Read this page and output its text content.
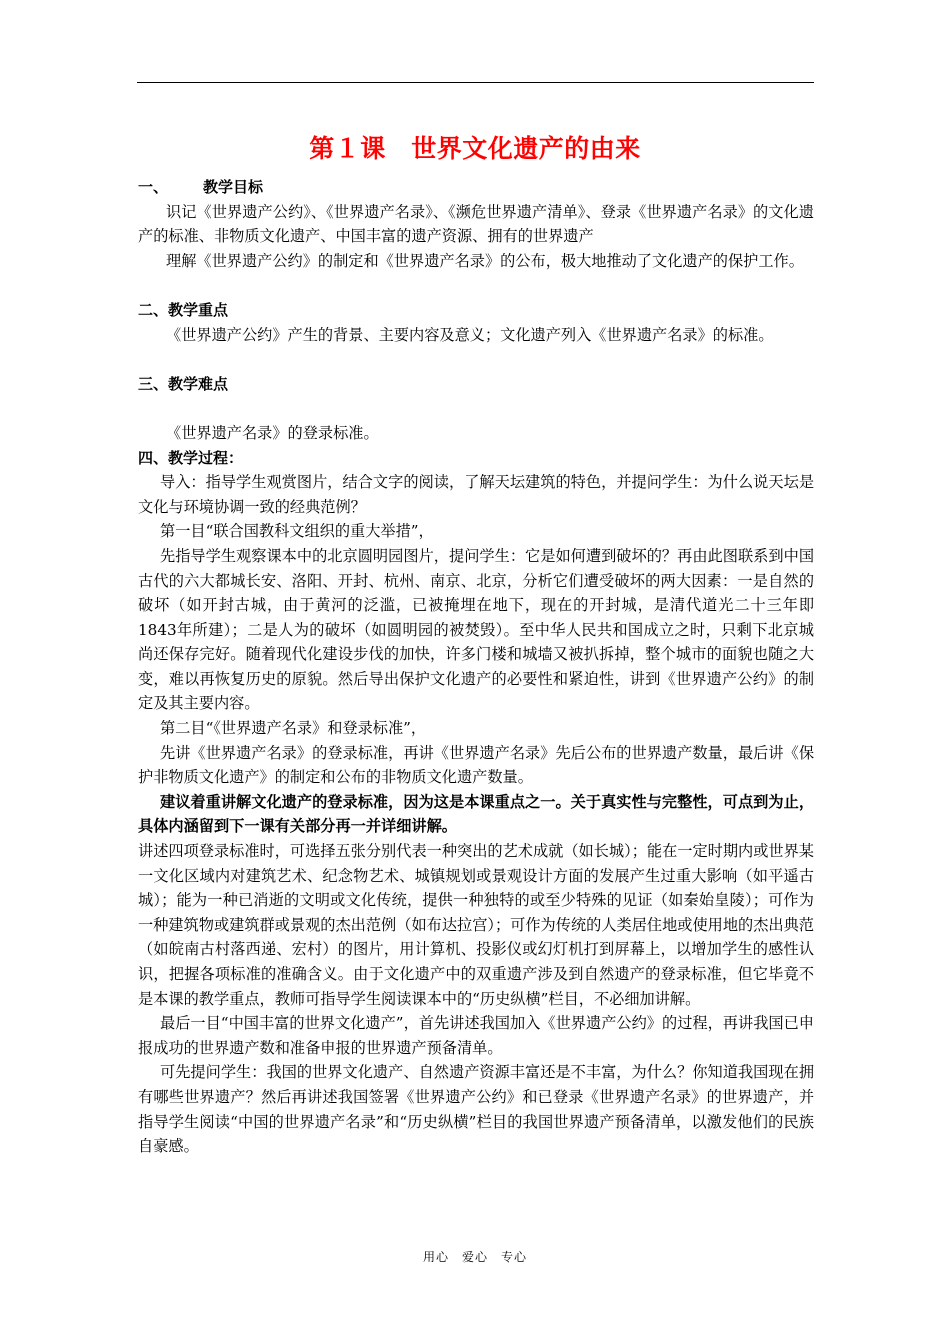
第１课　世界文化遗产的由来

一、 教学目标

识记《世界遗产公约》、《世界遗产名录》、《濒危世界遗产清单》、登录《世界遗产名录》的文化遗产的标准、非物质文化遗产、中国丰富的遗产资源、拥有的世界遗产

理解《世界遗产公约》的制定和《世界遗产名录》的公布，极大地推动了文化遗产的保护工作。

二、教学重点

《世界遗产公约》产生的背景、主要内容及意义；文化遗产列入《世界遗产名录》的标准。

三、教学难点

《世界遗产名录》的登录标准。

四、教学过程：

导入：指导学生观赏图片，结合文字的阅读，了解天坛建筑的特色，并提问学生：为什么说天坛是文化与环境协调一致的经典范例？

第一目“联合国教科文组织的重大举措”，

先指导学生观察课本中的北京圆明园图片，提问学生：它是如何遭到破坏的？再由此图联系到中国古代的六大都城长安、洛阳、开封、杭州、南京、北京，分析它们遭受破坏的两大因素：一是自然的破坏（如开封古城，由于黄河的泛滥，已被掩埋在地下，现在的开封城，是清代道光二十三年即1843年所建）；二是人为的破坏（如圆明园的被焚毁）。至中华人民共和国成立之时，只剩下北京城尚还保存完好。随着现代化建设步伐的加快，许多门楼和城墙又被扒拆掉，整个城市的面貌也随之大变，难以再恢复历史的原貌。然后导出保护文化遗产的必要性和紧迫性，讲到《世界遗产公约》的制定及其主要内容。

第二目“《世界遗产名录》和登录标准”，

先讲《世界遗产名录》的登录标准，再讲《世界遗产名录》先后公布的世界遗产数量，最后讲《保护非物质文化遗产》的制定和公布的非物质文化遗产数量。

建议着重讲解文化遗产的登录标准，因为这是本课重点之一。关于真实性与完整性，可点到为止，具体内涵留到下一课有关部分再一并详细讲解。

讲述四项登录标准时，可选择五张分别代表一种突出的艺术成就（如长城）；能在一定时期内或世界某一文化区域内对建筑艺术、纪念物艺术、城镇规划或景观设计方面的发展产生过重大影响（如平遥古城）；能为一种已消逝的文明或文化传统，提供一种独特的或至少特殊的见证（如秦始皇陵）；可作为一种建筑物或建筑群或景观的杰出范例（如布达拉宫）；可作为传统的人类居住地或使用地的杰出典范（如皖南古村落西递、宏村）的图片，用计算机、投影仪或幻灯机打到屏幕上，以增加学生的感性认识，把握各项标准的准确含义。由于文化遗产中的双重遗产涉及到自然遗产的登录标准，但它毕竟不是本课的教学重点，教师可指导学生阅读课本中的“历史纵横”栏目，不必细加讲解。

最后一目“中国丰富的世界文化遗产”，首先讲述我国加入《世界遗产公约》的过程，再讲我国已申报成功的世界遗产数和准备申报的世界遗产预备清单。

可先提问学生：我国的世界文化遗产、自然遗产资源丰富还是不丰富，为什么？你知道我国现在拥有哪些世界遗产？然后再讲述我国签署《世界遗产公约》和已登录《世界遗产名录》的世界遗产，并指导学生阅读“中国的世界遗产名录”和“历史纵横”栏目的我国世界遗产预备清单，以激发他们的民族自豪感。

用心　爱心　专心
